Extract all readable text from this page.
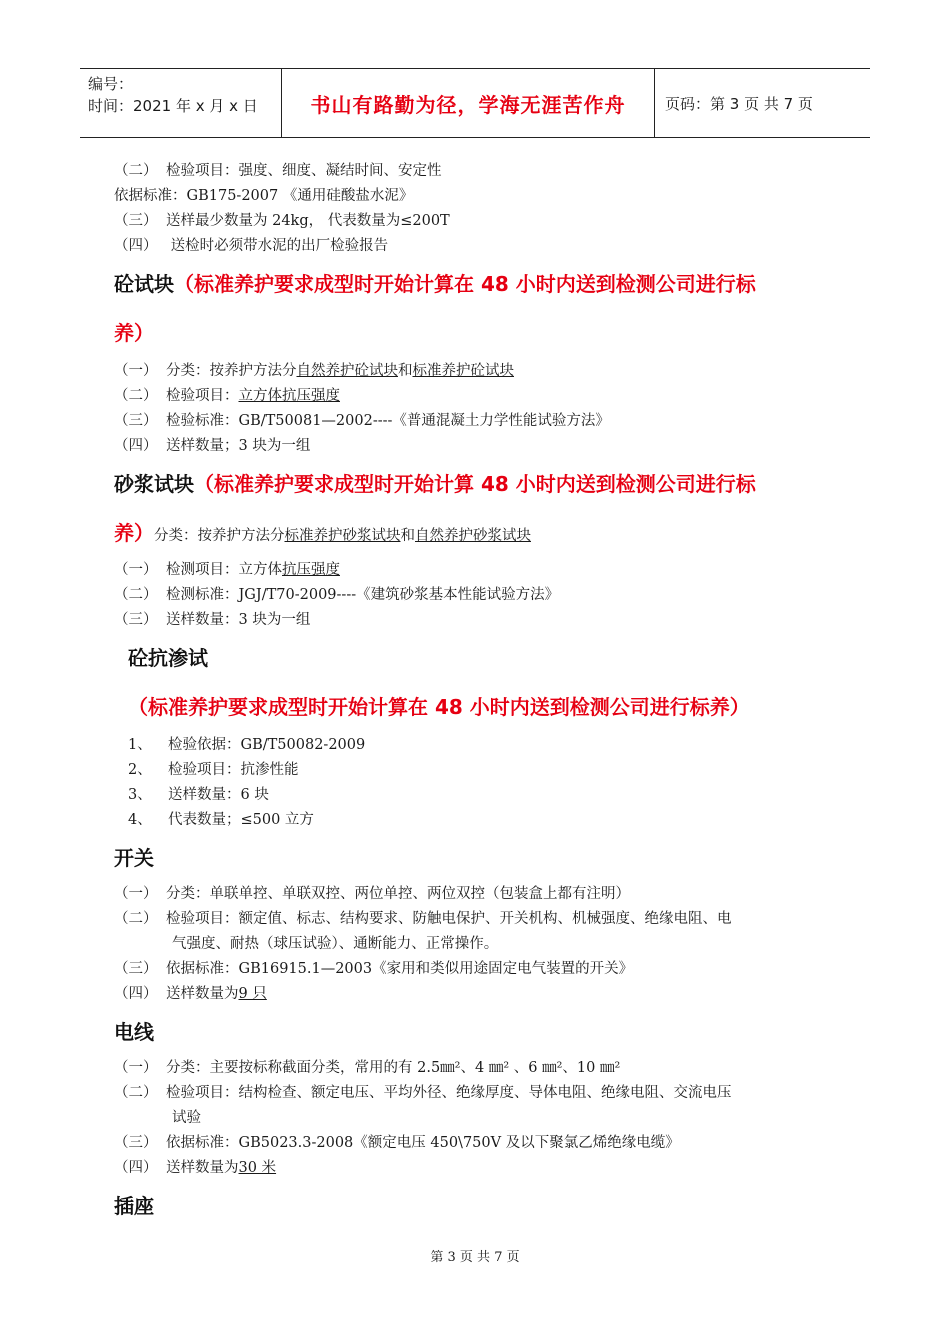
编号：
时间：2021 年 x 月 x 日	书山有路勤为径，学海无涯苦作舟	页码：第 3 页 共 7 页
（二） 检验项目：强度、细度、凝结时间、安定性
依据标准：GB175-2007 《通用硅酸盐水泥》
（三） 送样最少数量为 24kg， 代表数量为≤200T
（四） 送检时必须带水泥的出厂检验报告
砼试块（标准养护要求成型时开始计算在 48 小时内送到检测公司进行标
养）
（一） 分类：按养护方法分自然养护砼试块和标准养护砼试块
（二） 检验项目：立方体抗压强度
（三） 检验标准：GB/T50081—2002----《普通混凝土力学性能试验方法》
（四） 送样数量；3 块为一组
砂浆试块（标准养护要求成型时开始计算 48 小时内送到检测公司进行标
养）分类：按养护方法分标准养护砂浆试块和自然养护砂浆试块
（一） 检测项目：立方体抗压强度
（二） 检测标准：JGJ/T70-2009----《建筑砂浆基本性能试验方法》
（三） 送样数量：3 块为一组
砼抗渗试
（标准养护要求成型时开始计算在 48 小时内送到检测公司进行标养）
1、 检验依据：GB/T50082-2009
2、 检验项目：抗渗性能
3、 送样数量：6 块
4、 代表数量；≤500 立方
开关
（一） 分类：单联单控、单联双控、两位单控、两位双控（包装盒上都有注明）
（二） 检验项目：额定值、标志、结构要求、防触电保护、开关机构、机械强度、绝缘电阻、电
气强度、耐热（球压试验）、通断能力、正常操作。
（三） 依据标准：GB16915.1—2003《家用和类似用途固定电气装置的开关》
（四） 送样数量为9 只
电线
（一） 分类：主要按标称截面分类，常用的有 2.5㎜²、4 ㎜² 、6 ㎜²、10 ㎜²
（二） 检验项目：结构检查、额定电压、平均外径、绝缘厚度、导体电阻、绝缘电阻、交流电压
试验
（三） 依据标准：GB5023.3-2008《额定电压 450\750V 及以下聚氯乙烯绝缘电缆》
（四） 送样数量为30 米
插座
第 3 页 共 7 页
